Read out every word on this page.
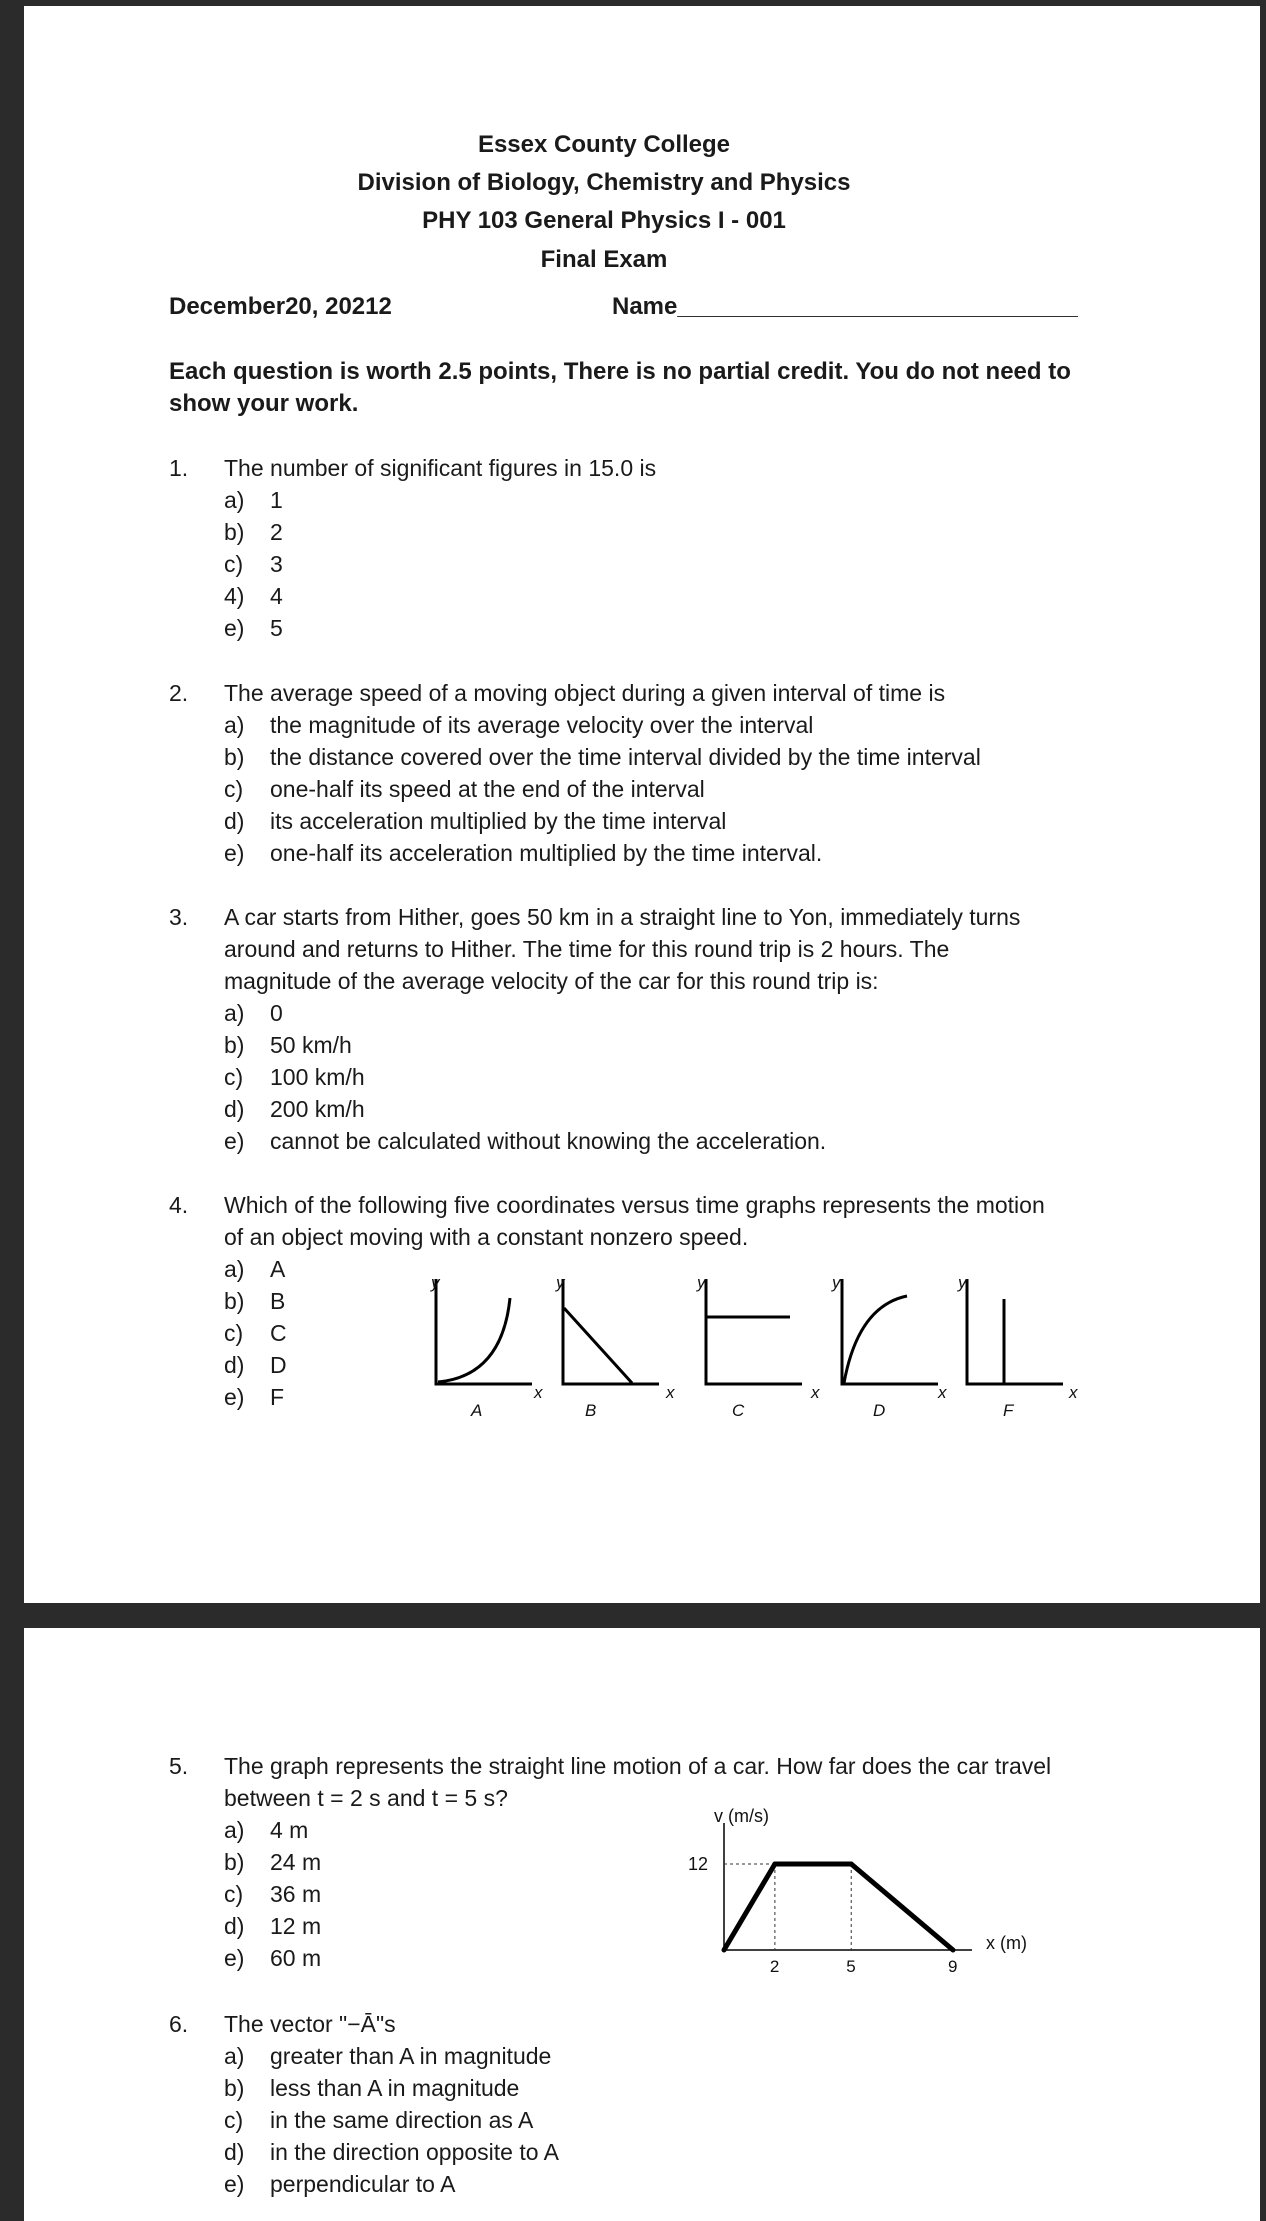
Essex County College
Division of Biology, Chemistry and Physics
PHY 103 General Physics I - 001
Final Exam
December20, 20212	Name______________________________
Each question is worth 2.5 points, There is no partial credit. You do not need to show your work.
1. The number of significant figures in 15.0 is
a) 1
b) 2
c) 3
4) 4
e) 5
2. The average speed of a moving object during a given interval of time is
a) the magnitude of its average velocity over the interval
b) the distance covered over the time interval divided by the time interval
c) one-half its speed at the end of the interval
d) its acceleration multiplied by the time interval
e) one-half its acceleration multiplied by the time interval.
3. A car starts from Hither, goes 50 km in a straight line to Yon, immediately turns
around and returns to Hither. The time for this round trip is 2 hours. The
magnitude of the average velocity of the car for this round trip is:
a) 0
b) 50 km/h
c) 100 km/h
d) 200 km/h
e) cannot be calculated without knowing the acceleration.
4. Which of the following five coordinates versus time graphs represents the motion
of an object moving with a constant nonzero speed.
a) A
b) B
c) C
d) D
e) F
y	y	y	y	y
x	x	x	x	x
A	B	C	D	F
5. The graph represents the straight line motion of a car. How far does the car travel
between t = 2 s and t = 5 s?
a) 4 m
b) 24 m
c) 36 m
d) 12 m
e) 60 m	2	5	9
12
v (m/s)
x (m)
6. The vector "−Ā"s
a) greater than A in magnitude
b) less than A in magnitude
c) in the same direction as A
d) in the direction opposite to A
e) perpendicular to A
